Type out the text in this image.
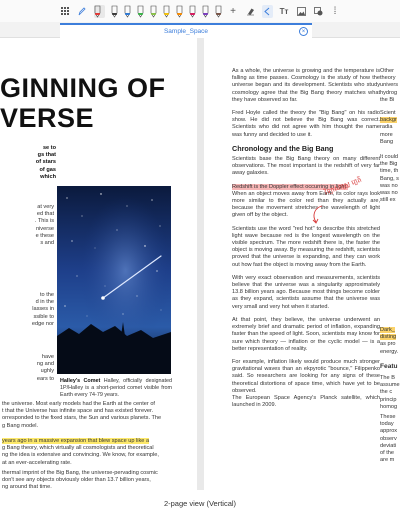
+	Tт	⁞
Sample_Space	×
GINNING OF
VERSE

se to

gs that

of stars

of gas

which

at very

ed that

. This is

niverse

e these

s and

to the

d in the

lasses in

ssible to

edge nor

have

ng and

ughly

ears to Halley's Comet Halley, officially designated 1P/Halley is a short-period comet visible from Earth every 74-79 years.

the universe. Most early models had the Earth at the center of

t that the Universe has infinite space and has existed forever.

orresponded to the fixed stars, the Sun and various planets. The

g Bang model.

years ago in a massive expansion that blew space up like a

g Bang theory, which virtually all cosmologists and theoretical

ng the idea is extensive and convincing. We know, for example,

at an ever-accelerating rate.

thermal imprint of the Big Bang, the universe-pervading cosmic

don't see any objects obviously older than 13.7 billion years,

ng around that time.

As a whole, the universe is growing and the temperature is falling as time passes. Cosmology is the study of how the universe began and its development. Scientists who study cosmology agree that the Big Bang theory matches what they have observed so far.

Fred Hoyle called the theory the "Big Bang" on his radio show. He did not believe the Big Bang was correct. Scientists who did not agree with him thought the name was funny and decided to use it.

Chronology and the Big Bang

Scientists base the Big Bang theory on many different observations. The most important is the redshift of very far away galaxies.

Redshift is the Doppler effect occurring in light.

When an object moves away from Earth, its color rays look more similar to the color red than they actually are, because the movement stretches the wavelength of light given off by the object.

Scientists use the word "red hot" to describe this stretched light wave because red is the longest wavelength on the visible spectrum. The more redshift there is, the faster the object is moving away. By measuring the redshift, scientists proved that the universe is expanding, and they can work out how fast the object is moving away from the Earth.

With very exact observation and measurements, scientists believe that the universe was a singularity approximately 13.8 billion years ago. Because most things become colder as they expand, scientists assume that the universe was very small and very hot when it started.

At that point, they believe, the universe underwent an extremely brief and dramatic period of inflation, expanding faster than the speed of light. Soon, scientists may know for sure which theory — inflation or the cyclic model — is a better representation of reality.

For example, inflation likely would produce much stronger gravitational waves than an ekpyrotic "bounce," Filippenko said. So researchers are looking for any signs of these theoretical distortions of space time, which have yet to be observed.

The European Space Agency's Planck satellite, which launched in 2009.

វិទ្យាសាស្ត្រ ភ្លេតិ

Other

theory

univers

hydrog

the Bi

Scient

backgr

radia

more

Bang

It could

the Big

time, th

Bang, s

was no

was no

still ex

Dark_

disting

as pro

energy.

Featu

The B

assume

the c

princip

homog

These

today

approx

observ

deviati

of the

are m

2-page view (Vertical)
